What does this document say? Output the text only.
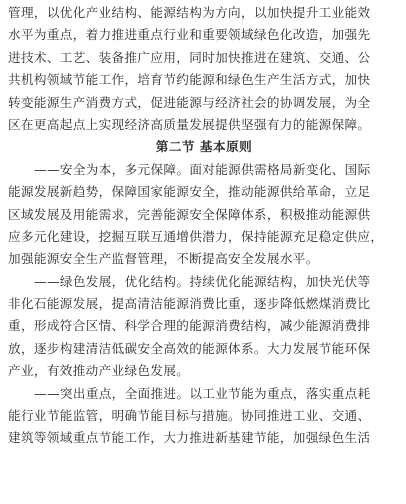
管理，以优化产业结构、能源结构为方向，以加快提升工业能效
水平为重点，着力推进重点行业和重要领域绿色化改造，加强先
进技术、工艺、装备推广应用，同时加快推进在建筑、交通、公
共机构领域节能工作，培育节约能源和绿色生产生活方式，加快
转变能源生产消费方式，促进能源与经济社会的协调发展，为全
区在更高起点上实现经济高质量发展提供坚强有力的能源保障。
第二节 基本原则
——安全为本，多元保障。面对能源供需格局新变化、国际
能源发展新趋势，保障国家能源安全，推动能源供给革命，立足
区域发展及用能需求，完善能源安全保障体系，积极推动能源供
应多元化建设，挖掘互联互通增供潜力，保持能源充足稳定供应，
加强能源安全生产监督管理，不断提高安全发展水平。
——绿色发展，优化结构。持续优化能源结构，加快光伏等
非化石能源发展，提高清洁能源消费比重，逐步降低燃煤消费比
重，形成符合区情、科学合理的能源消费结构，减少能源消费排
放，逐步构建清洁低碳安全高效的能源体系。大力发展节能环保
产业，有效推动产业绿色发展。
——突出重点，全面推进。以工业节能为重点，落实重点耗
能行业节能监管，明确节能目标与措施。协同推进工业、交通、
建筑等领域重点节能工作，大力推进新基建节能，加强绿色生活
